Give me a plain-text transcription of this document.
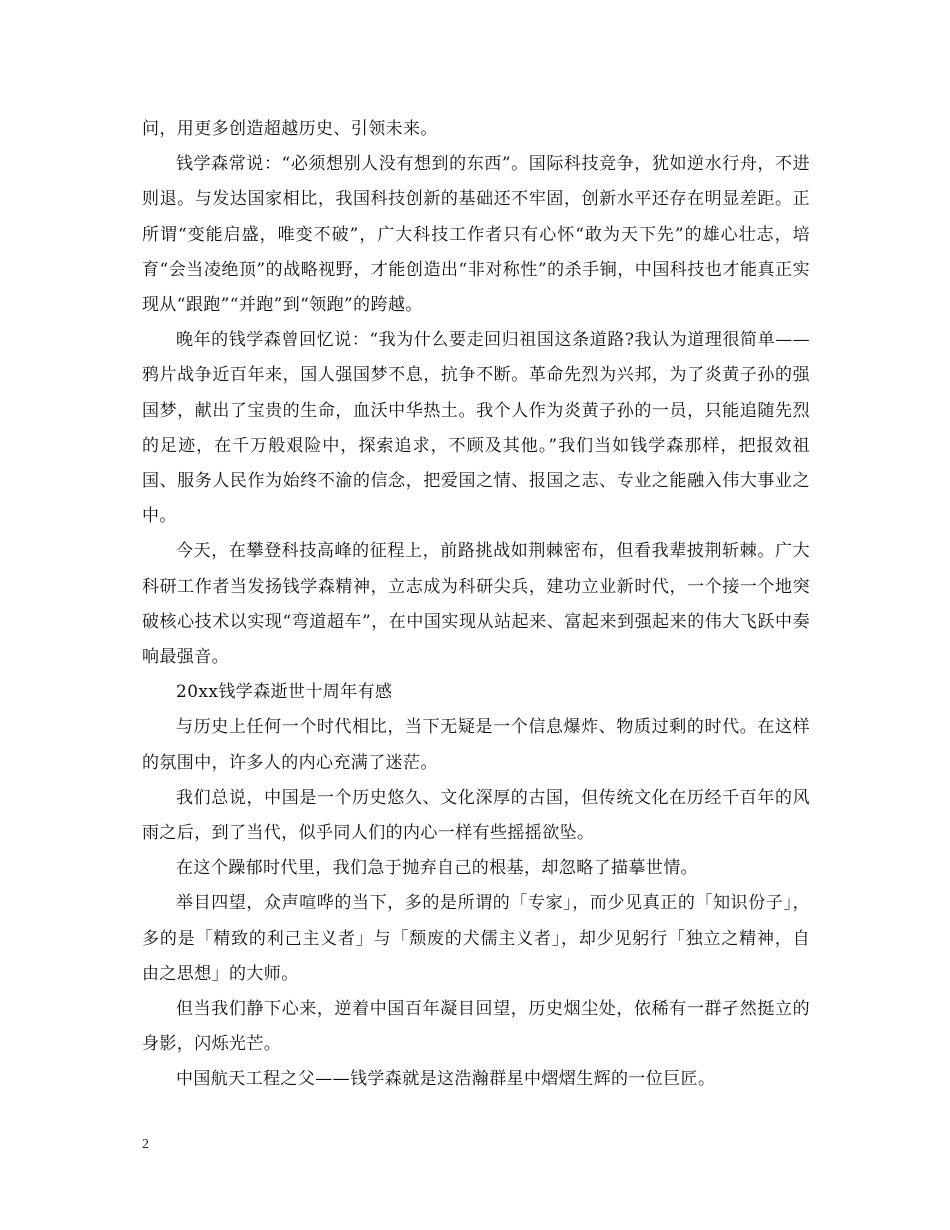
问，用更多创造超越历史、引领未来。

钱学森常说：“必须想别人没有想到的东西”。国际科技竞争，犹如逆水行舟，不进则退。与发达国家相比，我国科技创新的基础还不牢固，创新水平还存在明显差距。正所谓“变能启盛，唯变不破”，广大科技工作者只有心怀“敢为天下先”的雄心壮志，培育“会当凌绝顶”的战略视野，才能创造出“非对称性”的杀手锏，中国科技也才能真正实现从“跟跑”“并跑”到“领跑”的跨越。

晚年的钱学森曾回忆说：“我为什么要走回归祖国这条道路?我认为道理很简单——鸦片战争近百年来，国人强国梦不息，抗争不断。革命先烈为兴邦，为了炎黄子孙的强国梦，献出了宝贵的生命，血沃中华热土。我个人作为炎黄子孙的一员，只能追随先烈的足迹，在千万般艰险中，探索追求，不顾及其他。”我们当如钱学森那样，把报效祖国、服务人民作为始终不渝的信念，把爱国之情、报国之志、专业之能融入伟大事业之中。

今天，在攀登科技高峰的征程上，前路挑战如荆棘密布，但看我辈披荆斩棘。广大科研工作者当发扬钱学森精神，立志成为科研尖兵，建功立业新时代，一个接一个地突破核心技术以实现“弯道超车”，在中国实现从站起来、富起来到强起来的伟大飞跃中奏响最强音。

20xx钱学森逝世十周年有感

与历史上任何一个时代相比，当下无疑是一个信息爆炸、物质过剩的时代。在这样的氛围中，许多人的内心充满了迷茫。

我们总说，中国是一个历史悠久、文化深厚的古国，但传统文化在历经千百年的风雨之后，到了当代，似乎同人们的内心一样有些摇摇欲坠。

在这个躁郁时代里，我们急于抛弃自己的根基，却忽略了描摹世情。

举目四望，众声喧哗的当下，多的是所谓的「专家」，而少见真正的「知识份子」，多的是「精致的利己主义者」与「颓废的犬儒主义者」，却少见躬行「独立之精神，自由之思想」的大师。

但当我们静下心来，逆着中国百年凝目回望，历史烟尘处，依稀有一群孑然挺立的身影，闪烁光芒。

中国航天工程之父——钱学森就是这浩瀚群星中熠熠生辉的一位巨匠。

2
